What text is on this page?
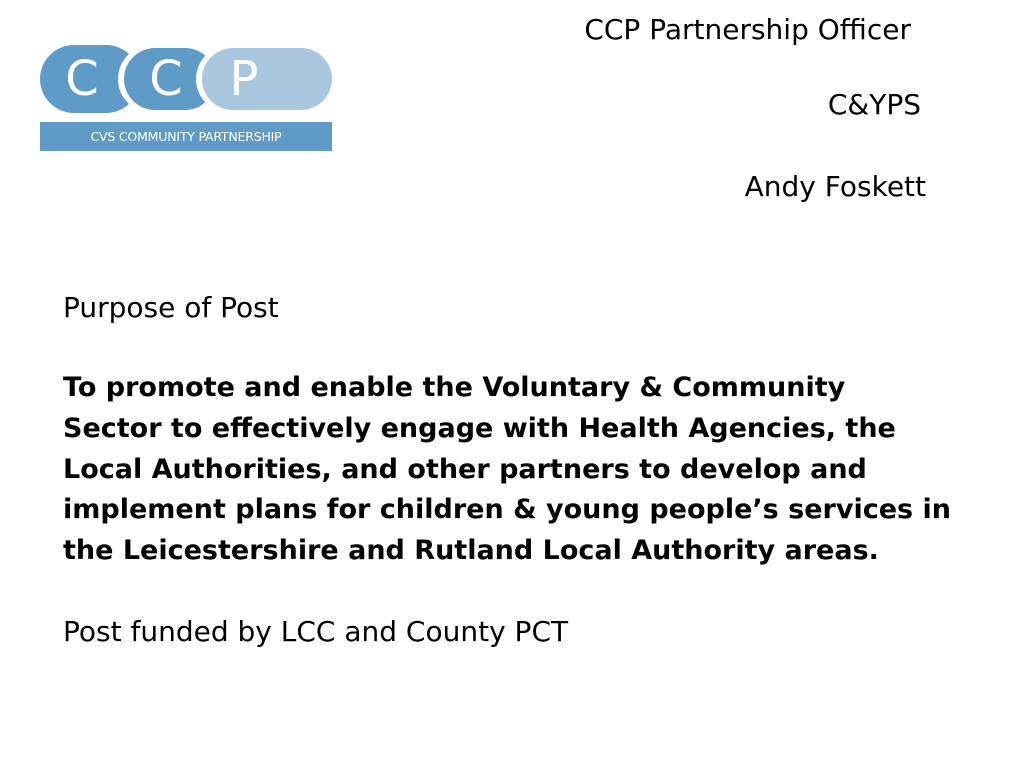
C C P
CVS COMMUNITY PARTNERSHIP
CCP Partnership Officer
C&YPS
Andy Foskett
Purpose of Post

To promote and enable the Voluntary & Community Sector to effectively engage with Health Agencies, the Local Authorities, and other partners to develop and implement plans for children & young people’s services in the Leicestershire and Rutland Local Authority areas.

Post funded by LCC and County PCT
